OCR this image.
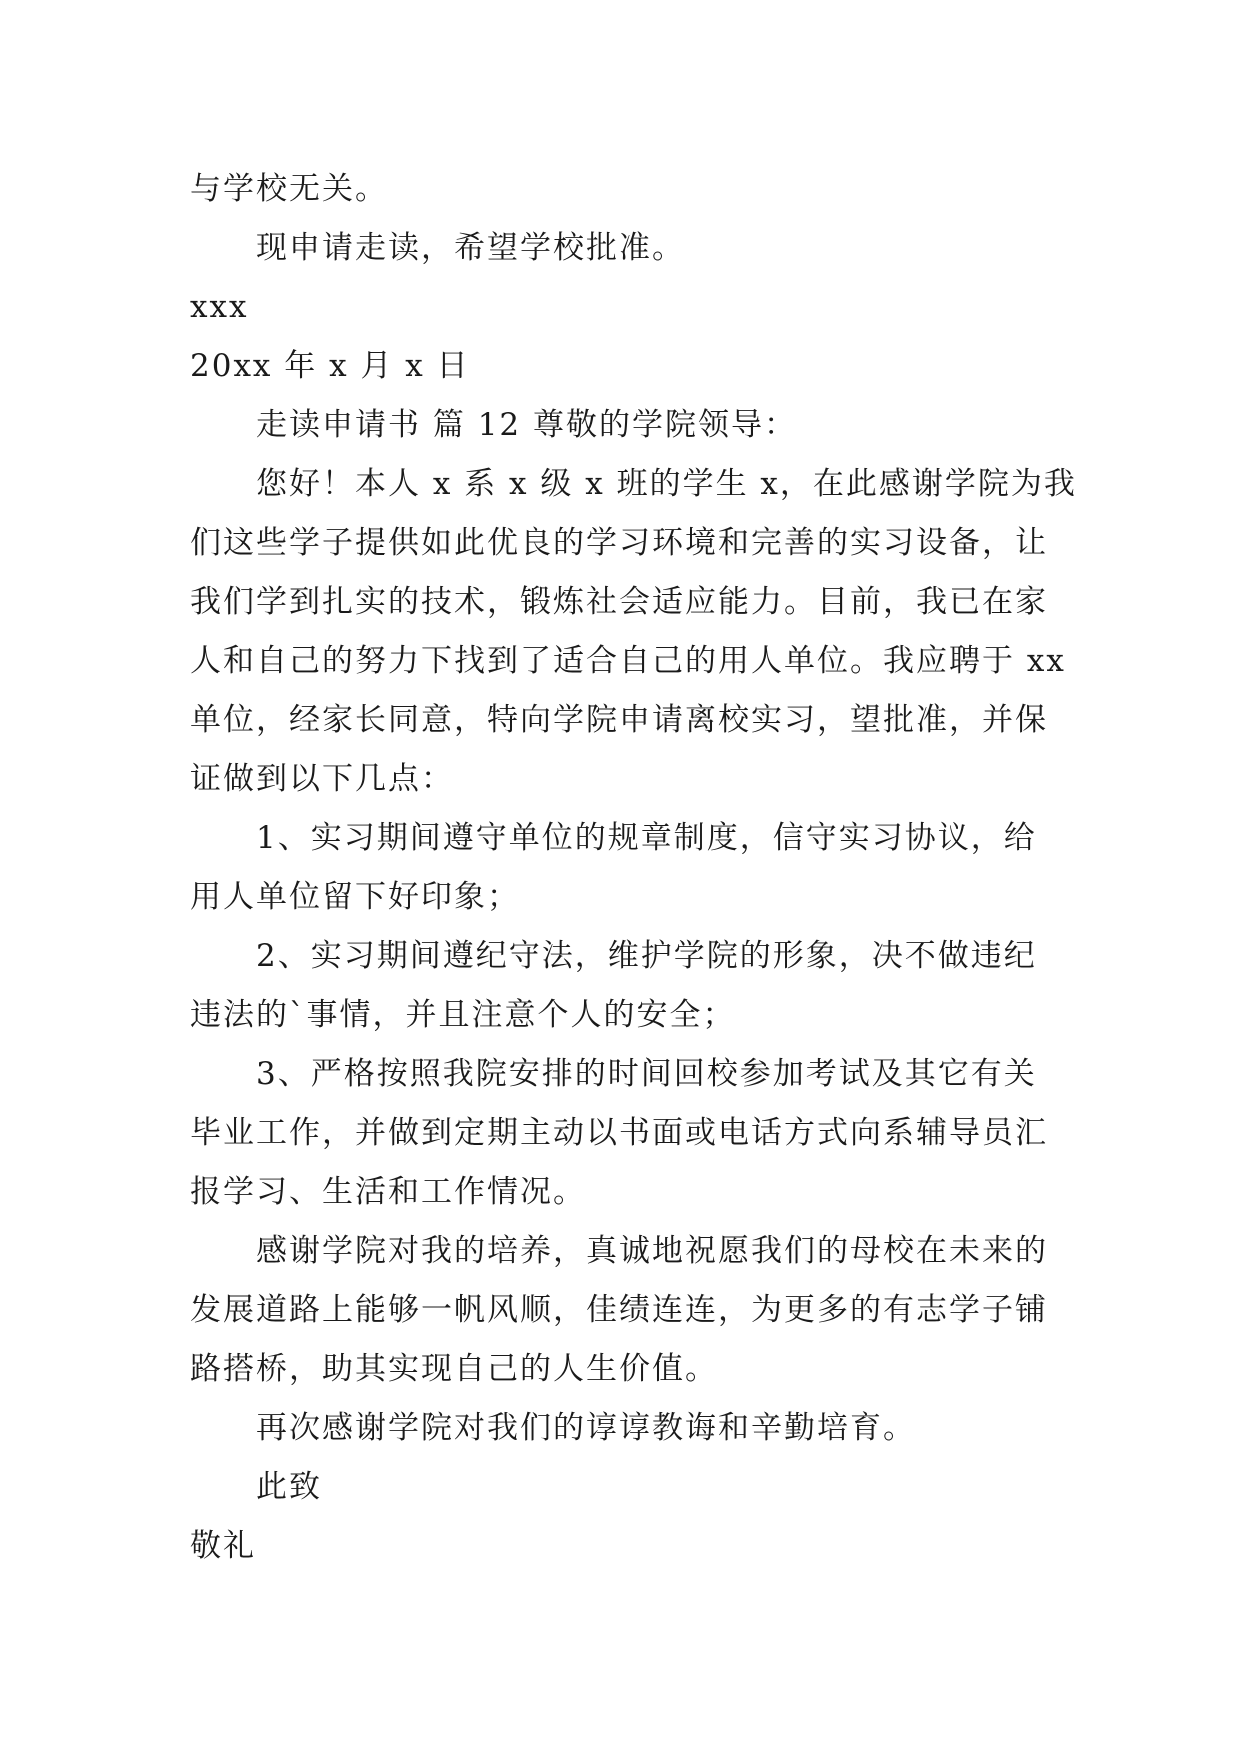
与学校无关。
现申请走读，希望学校批准。
xxx
20xx 年 x 月 x 日
走读申请书 篇 12 尊敬的学院领导：
您好！本人 x 系 x 级 x 班的学生 x，在此感谢学院为我
们这些学子提供如此优良的学习环境和完善的实习设备，让
我们学到扎实的技术，锻炼社会适应能力。目前，我已在家
人和自己的努力下找到了适合自己的用人单位。我应聘于 xx
单位，经家长同意，特向学院申请离校实习，望批准，并保
证做到以下几点：
1、实习期间遵守单位的规章制度，信守实习协议，给
用人单位留下好印象；
2、实习期间遵纪守法，维护学院的形象，决不做违纪
违法的`事情，并且注意个人的安全；
3、严格按照我院安排的时间回校参加考试及其它有关
毕业工作，并做到定期主动以书面或电话方式向系辅导员汇
报学习、生活和工作情况。
感谢学院对我的培养，真诚地祝愿我们的母校在未来的
发展道路上能够一帆风顺，佳绩连连，为更多的有志学子铺
路搭桥，助其实现自己的人生价值。
再次感谢学院对我们的谆谆教诲和辛勤培育。
此致
敬礼
